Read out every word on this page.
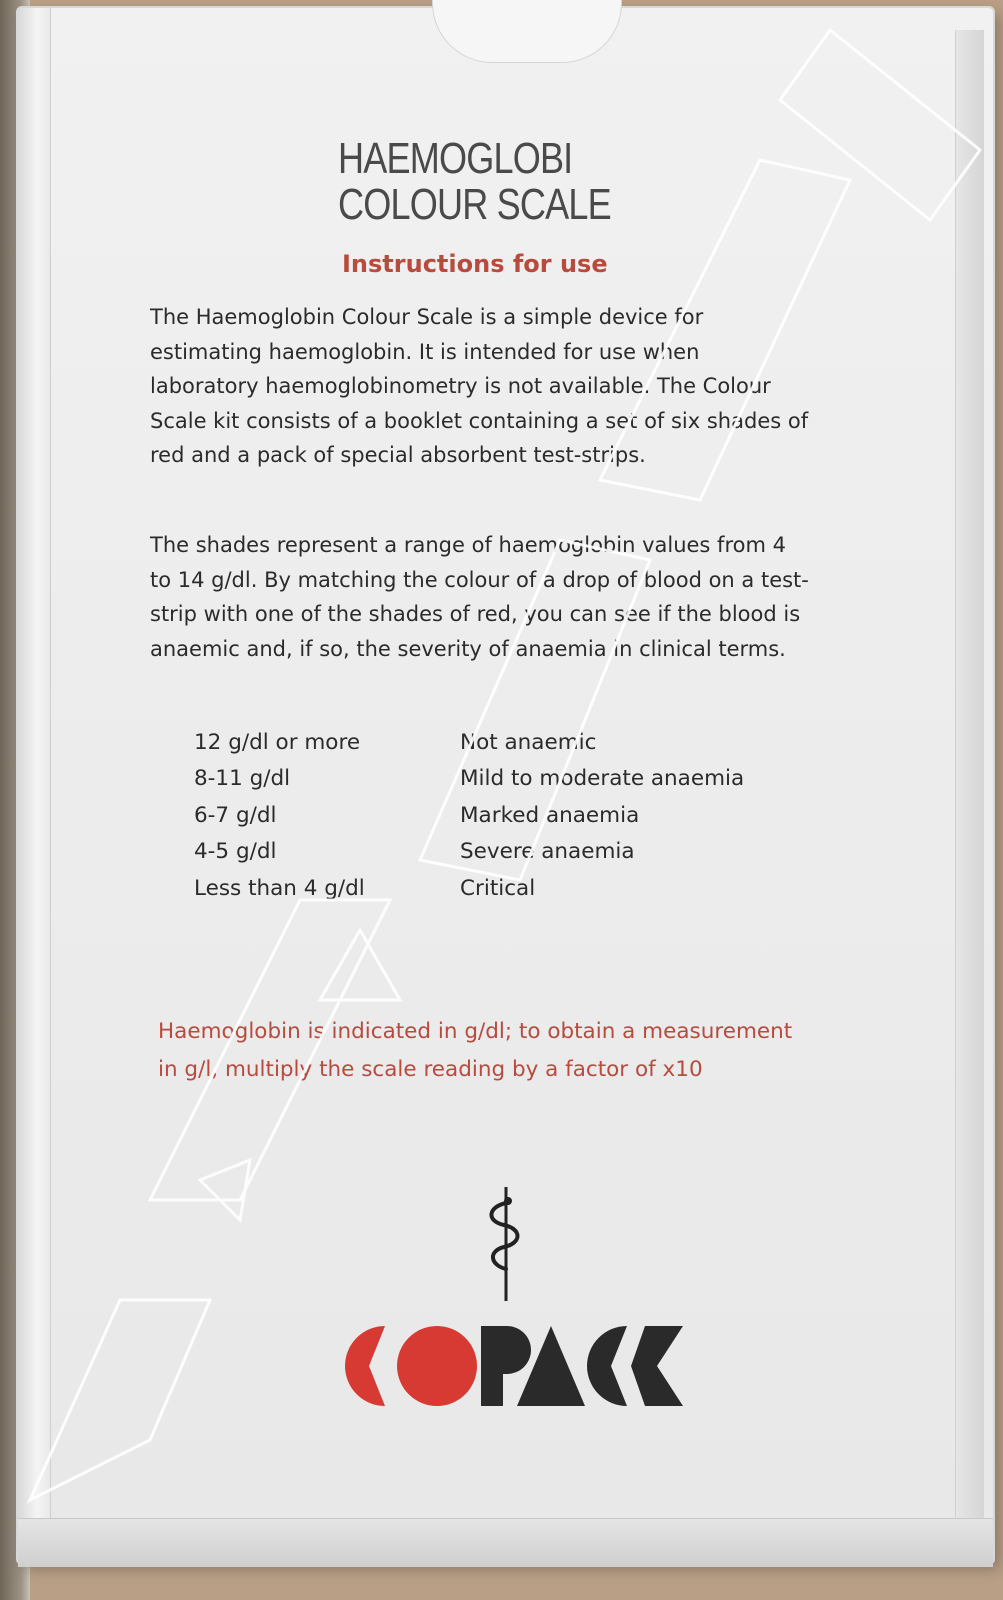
HAEMOGLOBI
COLOUR SCALE
Instructions for use
The Haemoglobin Colour Scale is a simple device for estimating haemoglobin. It is intended for use when laboratory haemoglobinometry is not available. The Colour Scale kit consists of a booklet containing a set of six shades of red and a pack of special absorbent test-strips.
The shades represent a range of haemoglobin values from 4 to 14 g/dl. By matching the colour of a drop of blood on a test-strip with one of the shades of red, you can see if the blood is anaemic and, if so, the severity of anaemia in clinical terms.
12 g/dl or more	Not anaemic
8-11 g/dl	Mild to moderate anaemia
6-7 g/dl	Marked anaemia
4-5 g/dl	Severe anaemia
Less than 4 g/dl	Critical
Haemoglobin is indicated in g/dl; to obtain a measurement in g/l, multiply the scale reading by a factor of x10
